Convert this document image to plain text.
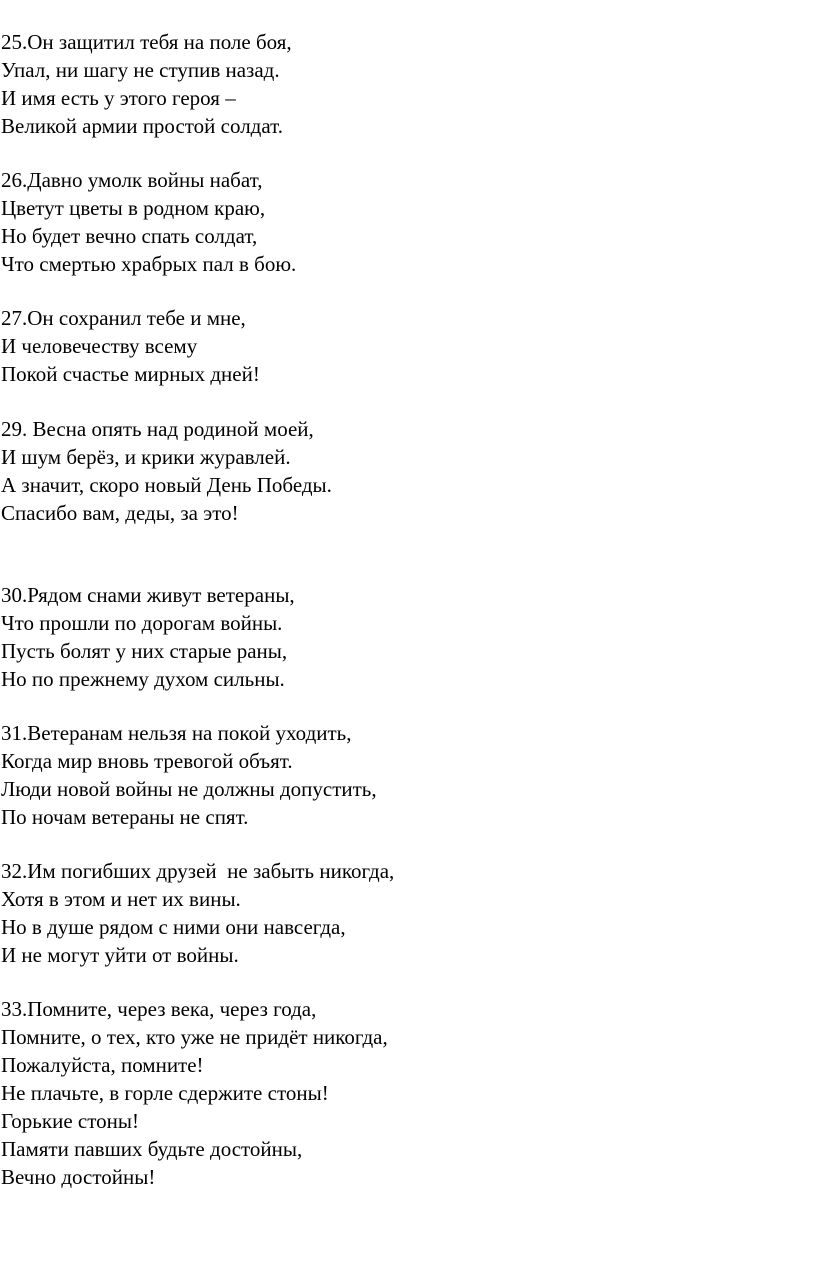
25.Он защитил тебя на поле боя,
Упал, ни шагу не ступив назад.
И имя есть у этого героя –
Великой армии простой солдат.
26.Давно умолк войны набат,
Цветут цветы в родном краю,
Но будет вечно спать солдат,
Что смертью храбрых пал в бою.
27.Он сохранил тебе и мне,
И человечеству всему
Покой счастье мирных дней!
29. Весна опять над родиной моей,
И шум берёз, и крики журавлей.
А значит, скоро новый День Победы.
Спасибо вам, деды, за это!
30.Рядом снами живут ветераны,
Что прошли по дорогам войны.
Пусть болят у них старые раны,
Но по прежнему духом сильны.
31.Ветеранам нельзя на покой уходить,
Когда мир вновь тревогой объят.
Люди новой войны не должны допустить,
По ночам ветераны не спят.
32.Им погибших друзей  не забыть никогда,
Хотя в этом и нет их вины.
Но в душе рядом с ними они навсегда,
И не могут уйти от войны.
33.Помните, через века, через года,
Помните, о тех, кто уже не придёт никогда,
Пожалуйста, помните!
Не плачьте, в горле сдержите стоны!
Горькие стоны!
Памяти павших будьте достойны,
Вечно достойны!
